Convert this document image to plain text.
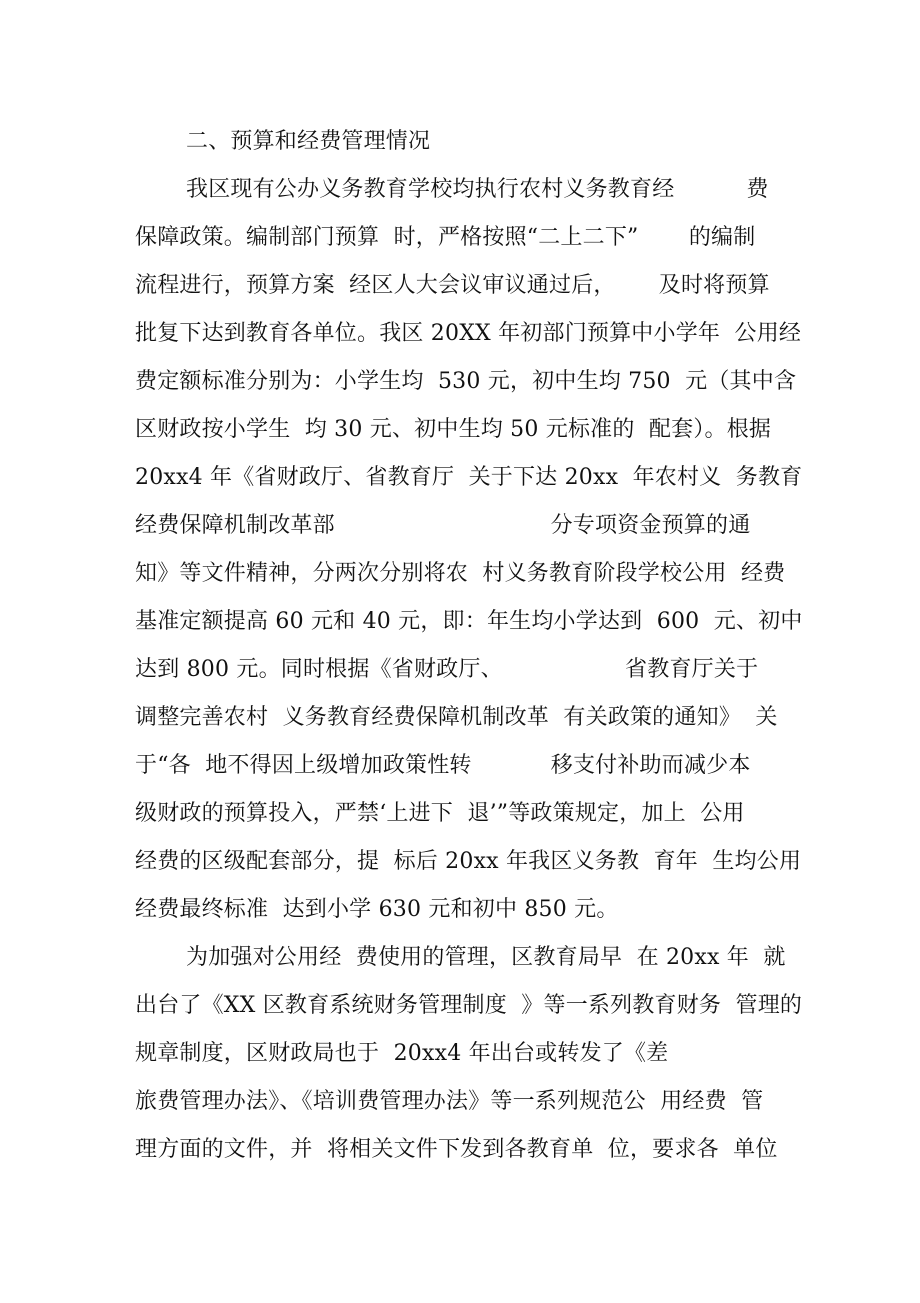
二、预算和经费管理情况
我区现有公办义务教育学校均执行农村义务教育经          费
保障政策。编制部门预算  时，严格按照“二上二下”       的编制
流程进行，预算方案  经区人大会议审议通过后，      及时将预算
批复下达到教育各单位。我区 20XX 年初部门预算中小学年  公用经
费定额标准分别为：小学生均  530 元，初中生均 750  元（其中含
区财政按小学生  均 30 元、初中生均 50 元标准的  配套）。根据
20xx4 年《省财政厅、省教育厅  关于下达 20xx  年农村义  务教育
经费保障机制改革部                              分专项资金预算的通
知》等文件精神，分两次分别将农  村义务教育阶段学校公用  经费
基准定额提高 60 元和 40 元，即：年生均小学达到  600  元、初中
达到 800 元。同时根据《省财政厅、                 省教育厅关于
调整完善农村  义务教育经费保障机制改革  有关政策的通知》  关
于“各  地不得因上级增加政策性转           移支付补助而减少本
级财政的预算投入，严禁‘上进下  退’”等政策规定，加上  公用
经费的区级配套部分，提  标后 20xx 年我区义务教  育年  生均公用
经费最终标准  达到小学 630 元和初中 850 元。
为加强对公用经  费使用的管理，区教育局早  在 20xx 年  就
出台了《XX 区教育系统财务管理制度  》等一系列教育财务  管理的
规章制度，区财政局也于  20xx4 年出台或转发了《差
旅费管理办法》、《培训费管理办法》等一系列规范公  用经费  管
理方面的文件，并  将相关文件下发到各教育单  位，要求各  单位
